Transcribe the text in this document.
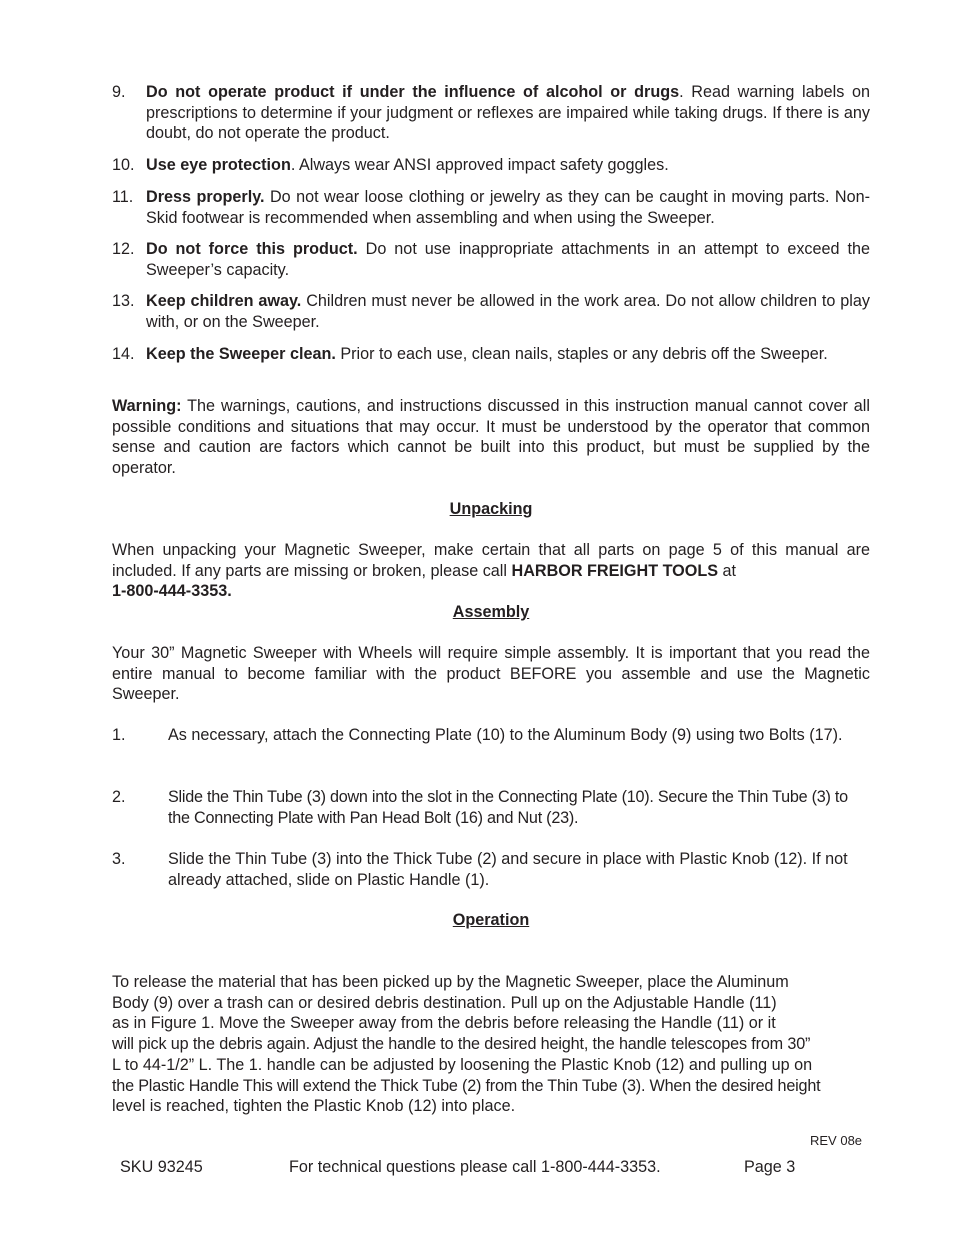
9. Do not operate product if under the influence of alcohol or drugs. Read warning labels on prescriptions to determine if your judgment or reflexes are impaired while taking drugs. If there is any doubt, do not operate the product.
10. Use eye protection. Always wear ANSI approved impact safety goggles.
11. Dress properly. Do not wear loose clothing or jewelry as they can be caught in moving parts. Non-Skid footwear is recommended when assembling and when using the Sweeper.
12. Do not force this product. Do not use inappropriate attachments in an attempt to exceed the Sweeper’s capacity.
13. Keep children away. Children must never be allowed in the work area. Do not allow children to play with, or on the Sweeper.
14. Keep the Sweeper clean. Prior to each use, clean nails, staples or any debris off the Sweeper.
Warning: The warnings, cautions, and instructions discussed in this instruction manual cannot cover all possible conditions and situations that may occur. It must be understood by the operator that common sense and caution are factors which cannot be built into this product, but must be supplied by the operator.
Unpacking
When unpacking your Magnetic Sweeper, make certain that all parts on page 5 of this manual are included. If any parts are missing or broken, please call HARBOR FREIGHT TOOLS at
1-800-444-3353.
Assembly
Your 30” Magnetic Sweeper with Wheels will require simple assembly. It is important that you read the entire manual to become familiar with the product BEFORE you assemble and use the Magnetic Sweeper.
1.	As necessary, attach the Connecting Plate (10) to the Aluminum Body (9) using two Bolts (17).
2.	Slide the Thin Tube (3) down into the slot in the Connecting Plate (10). Secure the Thin Tube (3) to the Connecting Plate with Pan Head Bolt (16) and Nut (23).
3.	Slide the Thin Tube (3) into the Thick Tube (2) and secure in place with Plastic Knob (12). If not already attached, slide on Plastic Handle (1).
Operation
To release the material that has been picked up by the Magnetic Sweeper, place the Aluminum
Body (9) over a trash can or desired debris destination. Pull up on the Adjustable Handle (11)
as in Figure 1. Move the Sweeper away from the debris before releasing the Handle (11) or it
will pick up the debris again. Adjust the handle to the desired height, the handle telescopes from 30”
L to 44-1/2” L. The 1. handle can be adjusted by loosening the Plastic Knob (12) and pulling up on
the Plastic Handle This will extend the Thick Tube (2) from the Thin Tube (3). When the desired height
level is reached, tighten the Plastic Knob (12) into place.
REV 08e
SKU 93245	For technical questions please call 1-800-444-3353.	Page 3
